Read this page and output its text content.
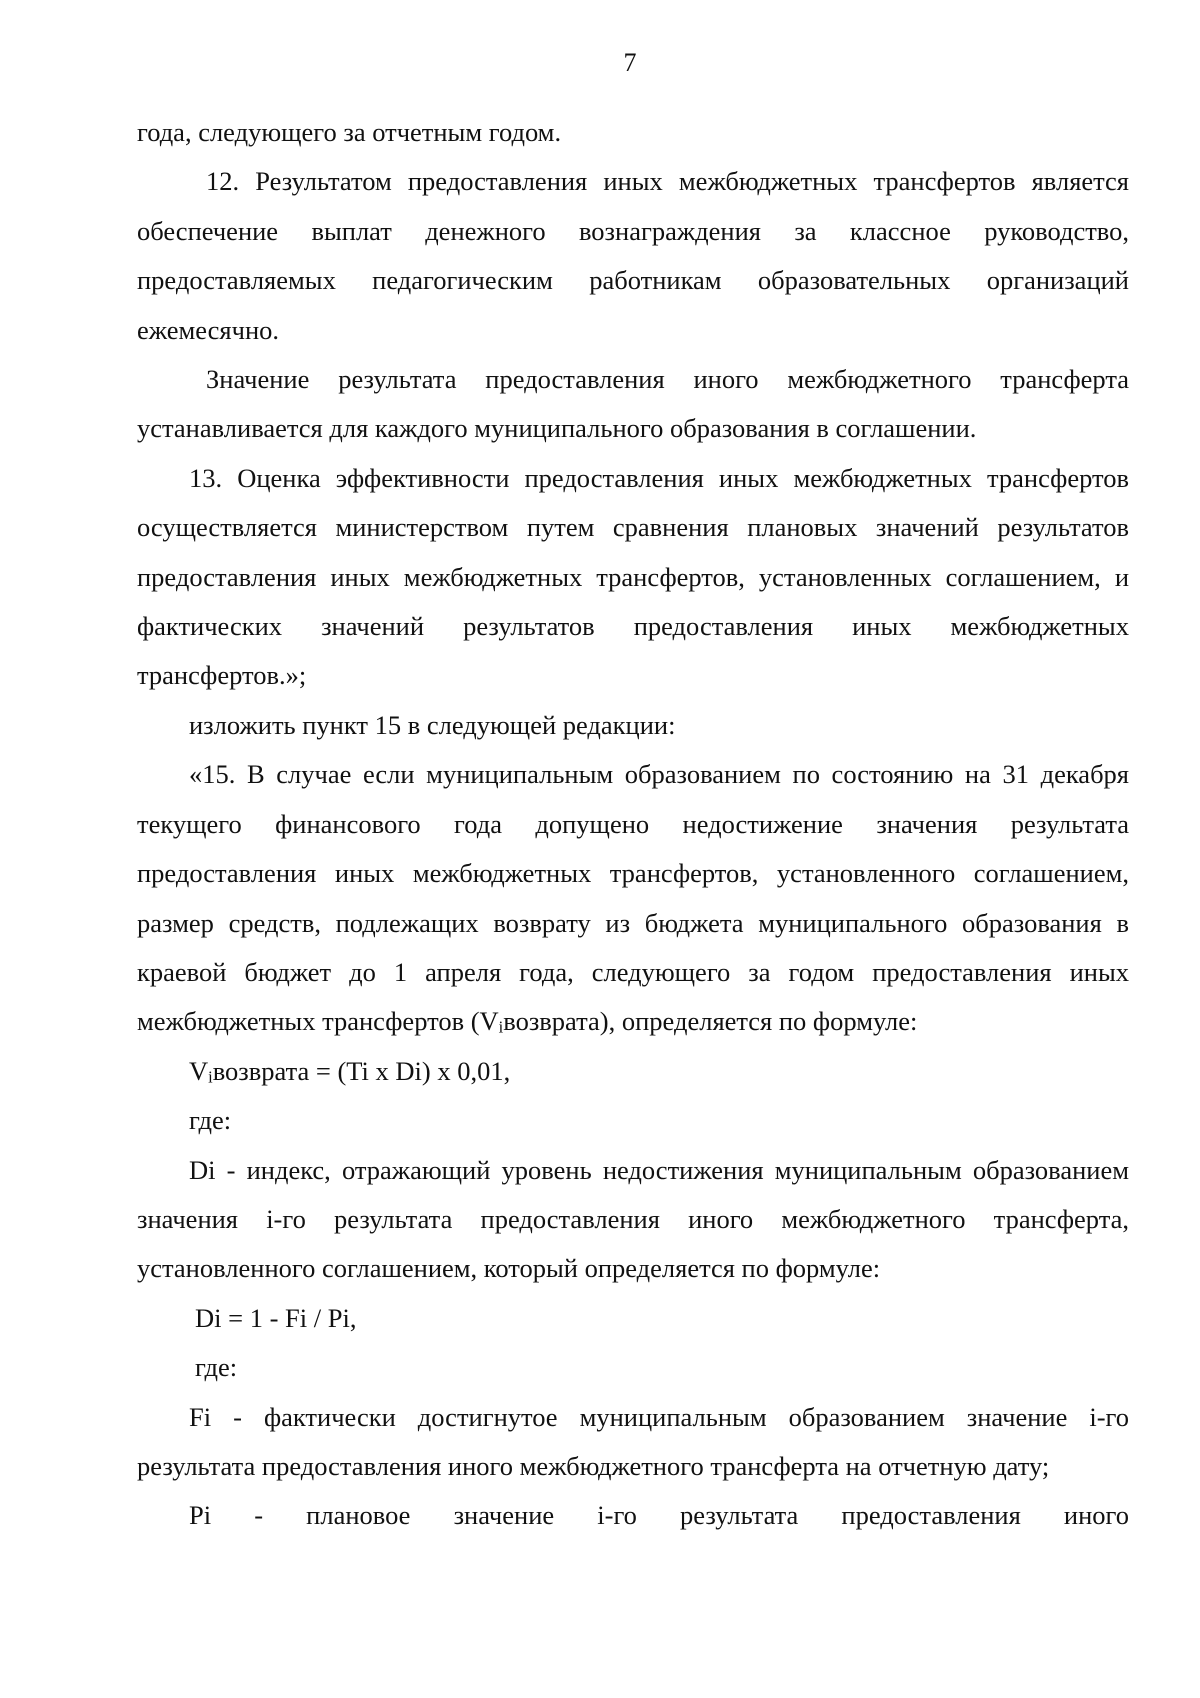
7

года, следующего за отчетным годом.

12. Результатом предоставления иных межбюджетных трансфертов является обеспечение выплат денежного вознаграждения за классное руководство, предоставляемых педагогическим работникам образовательных организаций ежемесячно.

Значение результата предоставления иного межбюджетного трансферта устанавливается для каждого муниципального образования в соглашении.

13. Оценка эффективности предоставления иных межбюджетных трансфертов осуществляется министерством путем сравнения плановых значений результатов предоставления иных межбюджетных трансфертов, установленных соглашением, и фактических значений результатов предоставления иных межбюджетных трансфертов.»;

изложить пункт 15 в следующей редакции:

«15. В случае если муниципальным образованием по состоянию на 31 декабря текущего финансового года допущено недостижение значения результата предоставления иных межбюджетных трансфертов, установленного соглашением, размер средств, подлежащих возврату из бюджета муниципального образования в краевой бюджет до 1 апреля года, следующего за годом предоставления иных межбюджетных трансфертов $(V_iвозврата)$, определяется по формуле:

$V_iвозврата = (Ti$ x Di) x 0,01,

где:

Di - индекс, отражающий уровень недостижения муниципальным образованием значения i-го результата предоставления иного межбюджетного трансферта, установленного соглашением, который определяется по формуле:

Di = 1 - Fi / Pi,

где:

Fi - фактически достигнутое муниципальным образованием значение i-го результата предоставления иного межбюджетного трансферта на отчетную дату;

Pi - плановое значение i-го результата предоставления иного
